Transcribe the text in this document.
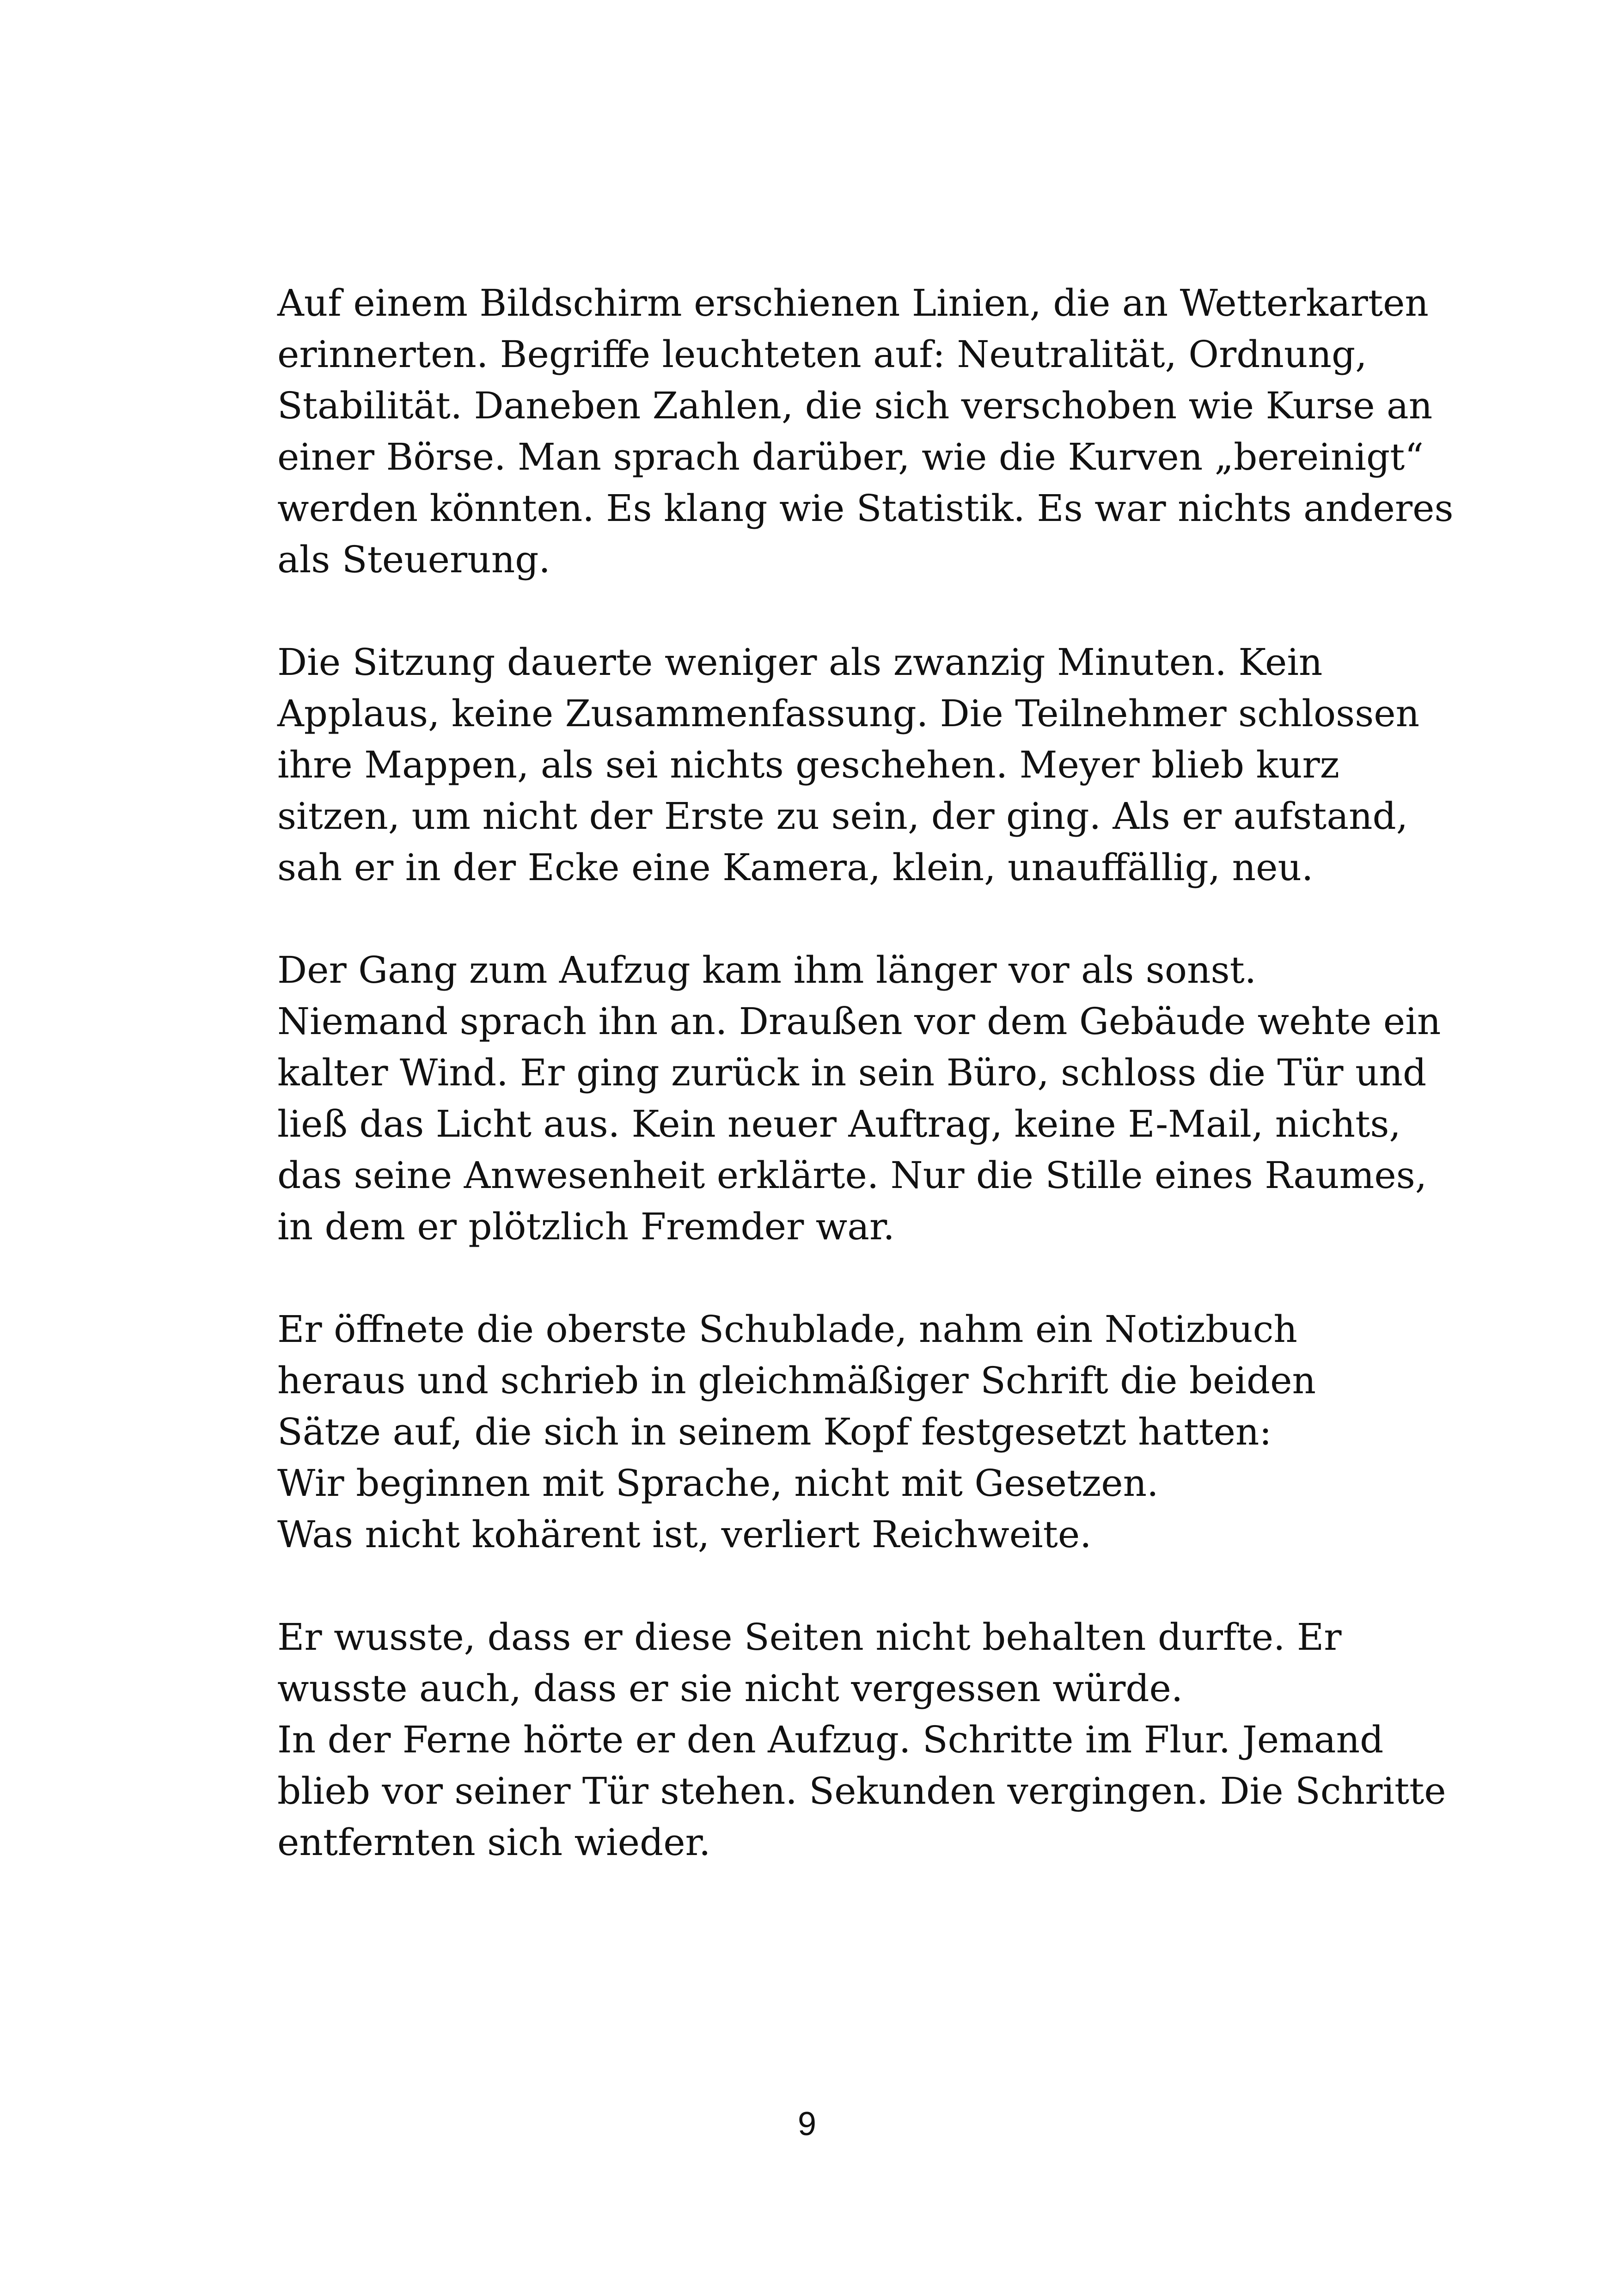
Auf einem Bildschirm erschienen Linien, die an Wetterkarten
erinnerten. Begriffe leuchteten auf: Neutralität, Ordnung,
Stabilität. Daneben Zahlen, die sich verschoben wie Kurse an
einer Börse. Man sprach darüber, wie die Kurven „bereinigt“
werden könnten. Es klang wie Statistik. Es war nichts anderes
als Steuerung.

Die Sitzung dauerte weniger als zwanzig Minuten. Kein
Applaus, keine Zusammenfassung. Die Teilnehmer schlossen
ihre Mappen, als sei nichts geschehen. Meyer blieb kurz
sitzen, um nicht der Erste zu sein, der ging. Als er aufstand,
sah er in der Ecke eine Kamera, klein, unauffällig, neu.

Der Gang zum Aufzug kam ihm länger vor als sonst.
Niemand sprach ihn an. Draußen vor dem Gebäude wehte ein
kalter Wind. Er ging zurück in sein Büro, schloss die Tür und
ließ das Licht aus. Kein neuer Auftrag, keine E-Mail, nichts,
das seine Anwesenheit erklärte. Nur die Stille eines Raumes,
in dem er plötzlich Fremder war.

Er öffnete die oberste Schublade, nahm ein Notizbuch
heraus und schrieb in gleichmäßiger Schrift die beiden
Sätze auf, die sich in seinem Kopf festgesetzt hatten:
Wir beginnen mit Sprache, nicht mit Gesetzen.
Was nicht kohärent ist, verliert Reichweite.

Er wusste, dass er diese Seiten nicht behalten durfte. Er
wusste auch, dass er sie nicht vergessen würde.
In der Ferne hörte er den Aufzug. Schritte im Flur. Jemand
blieb vor seiner Tür stehen. Sekunden vergingen. Die Schritte
entfernten sich wieder.

9
